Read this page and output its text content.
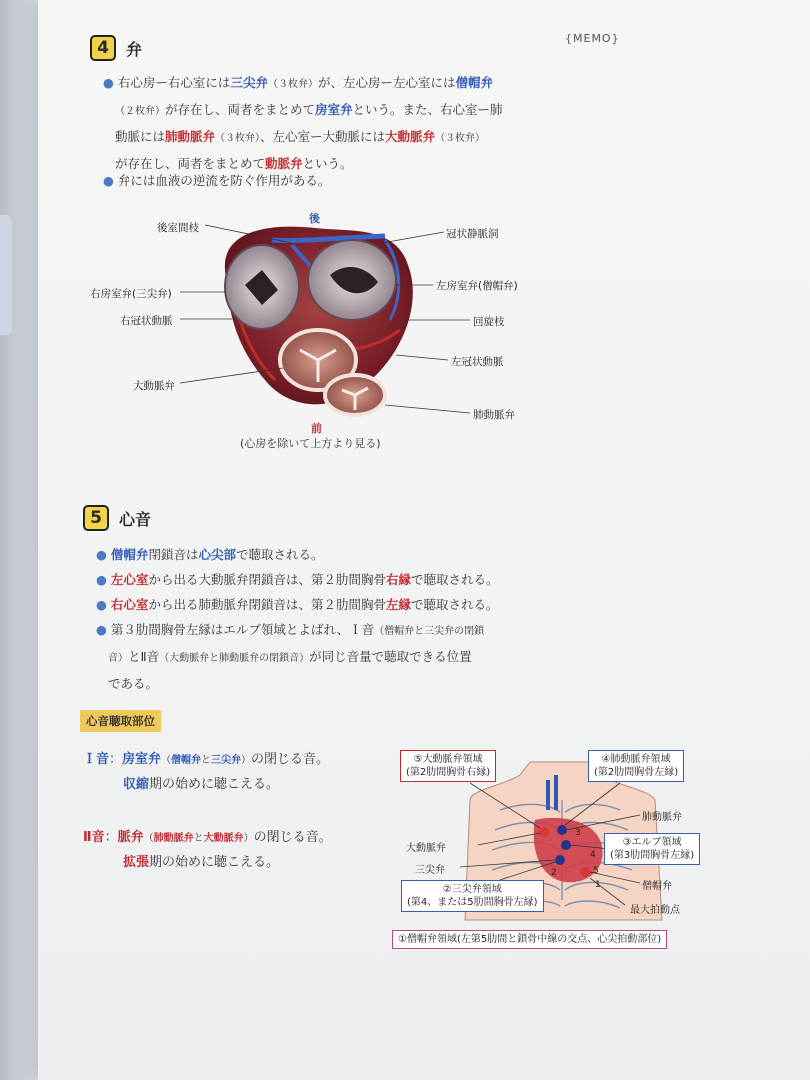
{MEMO}
4	弁
● 右心房ー右心室には三尖弁（３枚弁）が、左心房ー左心室には僧帽弁
（２枚弁）が存在し、両者をまとめて房室弁という。また、右心室ー肺
動脈には肺動脈弁（３枚弁）、左心室ー大動脈には大動脈弁（３枚弁）
が存在し、両者をまとめて動脈弁という。
● 弁には血液の逆流を防ぐ作用がある。
後
前
(心房を除いて上方より見る)
後室間枝
右房室弁(三尖弁)
右冠状動脈
大動脈弁
冠状静脈洞
左房室弁(僧帽弁)
回旋枝
左冠状動脈
肺動脈弁
5	心音
● 僧帽弁閉鎖音は心尖部で聴取される。
● 左心室から出る大動脈弁閉鎖音は、第２肋間胸骨右縁で聴取される。
● 右心室から出る肺動脈弁閉鎖音は、第２肋間胸骨左縁で聴取される。
● 第３肋間胸骨左縁はエルブ領域とよばれ、Ｉ音（僧帽弁と三尖弁の閉鎖
音）とⅡ音（大動脈弁と肺動脈弁の閉鎖音）が同じ音量で聴取できる位置
である。
心音聴取部位
Ｉ音：房室弁（僧帽弁と三尖弁）の閉じる音。
収縮期の始めに聴こえる。
Ⅱ音：脈弁（肺動脈弁と大動脈弁）の閉じる音。
拡張期の始めに聴こえる。
3
4
5
1
2
⑤大動脈弁領域
(第2肋間胸骨右縁)
④肺動脈弁領域
(第2肋間胸骨左縁)
③エルブ領域
(第3肋間胸骨左縁)
②三尖弁領域
(第4、または5肋間胸骨左縁)
①僧帽弁領域(左第5肋間と鎖骨中線の交点、心尖拍動部位)
大動脈弁
三尖弁
肺動脈弁
僧帽弁
最大拍動点
